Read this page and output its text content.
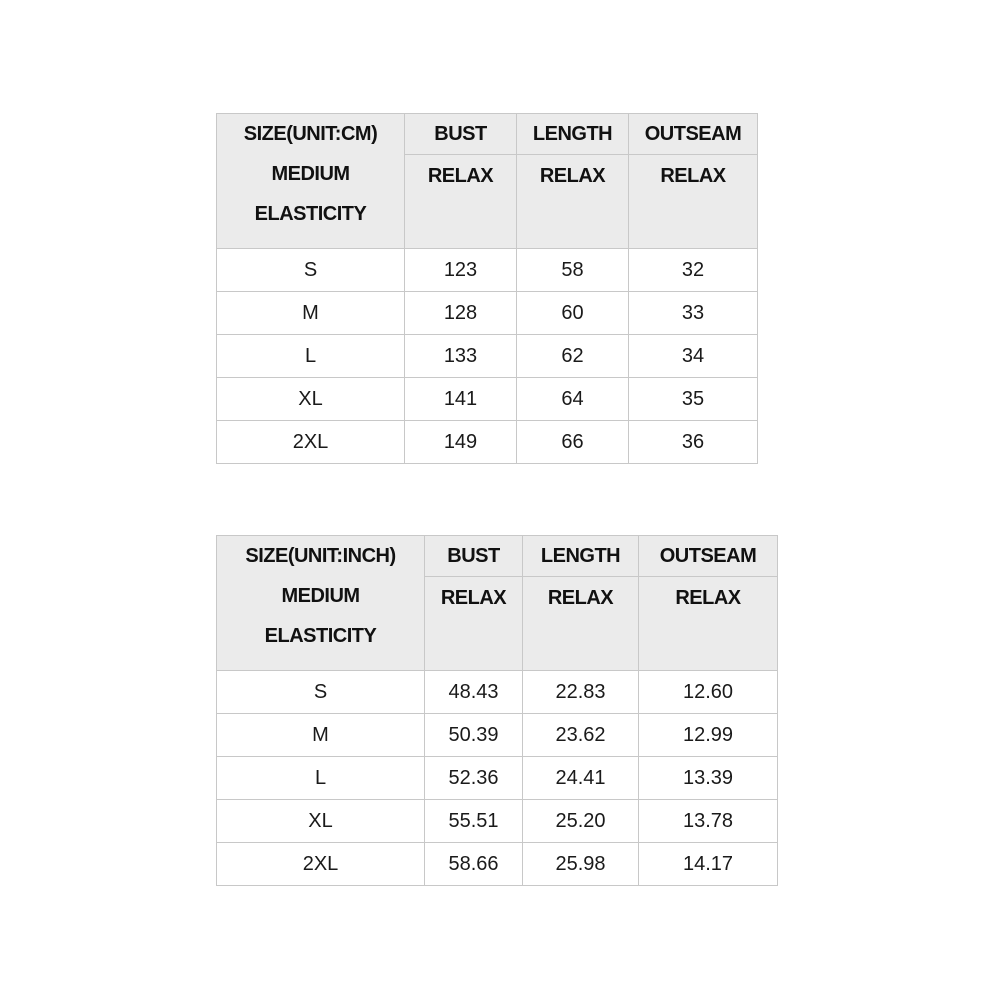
SIZE(UNIT:CM)
MEDIUM
ELASTICITY	BUST	LENGTH	OUTSEAM
	RELAX	RELAX	RELAX
S	123	58	32
M	128	60	33
L	133	62	34
XL	141	64	35
2XL	149	66	36
SIZE(UNIT:INCH)
MEDIUM
ELASTICITY	BUST	LENGTH	OUTSEAM
	RELAX	RELAX	RELAX
S	48.43	22.83	12.60
M	50.39	23.62	12.99
L	52.36	24.41	13.39
XL	55.51	25.20	13.78
2XL	58.66	25.98	14.17
